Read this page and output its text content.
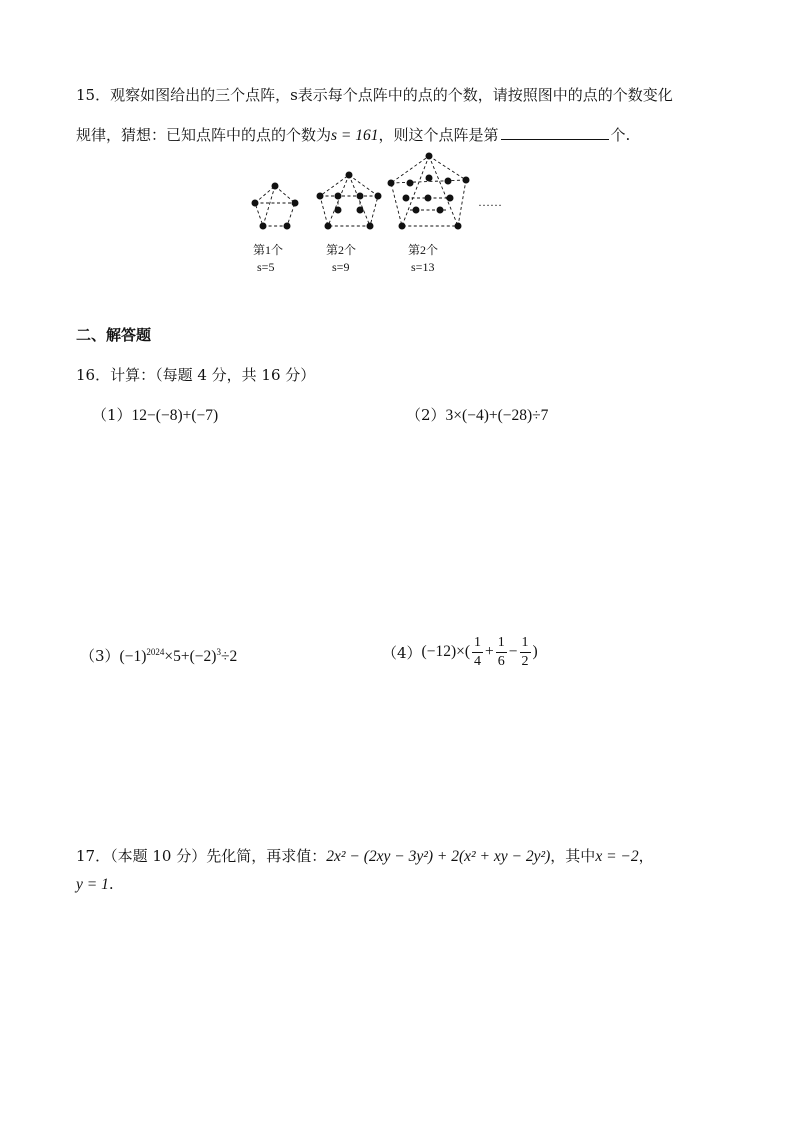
15．观察如图给出的三个点阵，s表示每个点阵中的点的个数，请按照图中的点的个数变化
规律，猜想：已知点阵中的点的个数为s = 161，则这个点阵是第	个.
……
第1个
s=5
第2个
s=9
第2个
s=13
二、解答题
16．计算：（每题 4 分，共 16 分）
（1）12−(−8)+(−7)	（2）3×(−4)+(−28)÷7
$(3)(-1)^{2024}\times 5+(-2)^3\div 2$	$(4)(-12)\times( \frac{1}{4} + \frac{1}{6} - \frac{1}{2}$ )
17．（本题 10 分）先化简，再求值：2x² − (2xy − 3y²) + 2(x² + xy − 2y²)，其中x = −2，
y = 1.
